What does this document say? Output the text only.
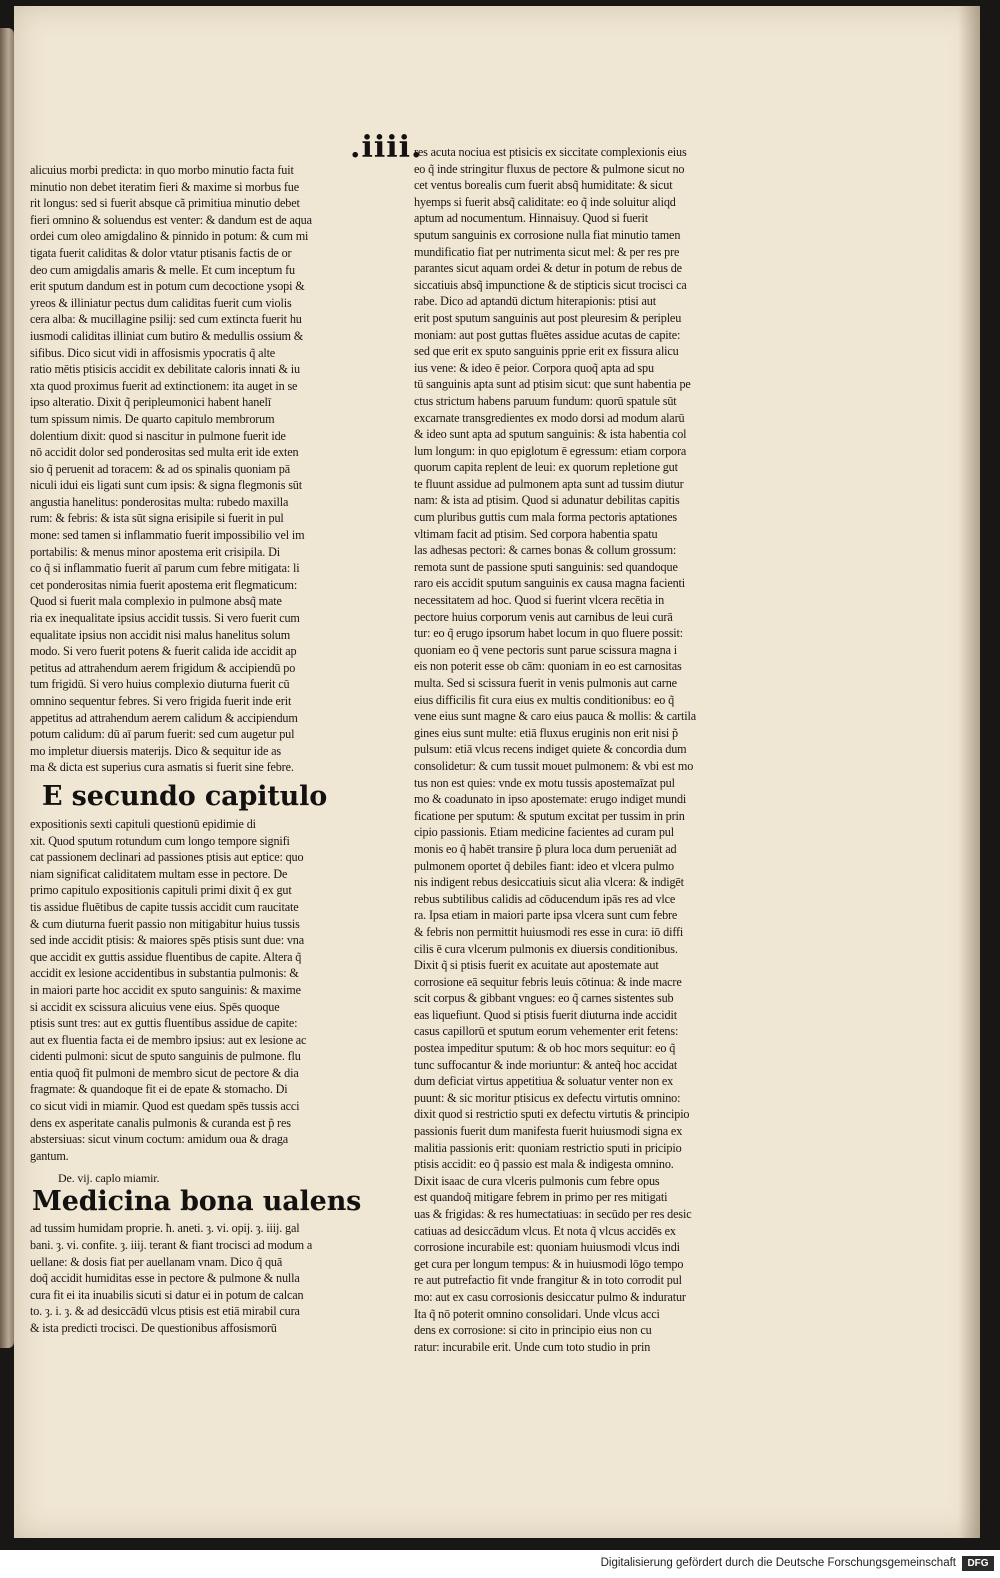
.iiii.
alicuius morbi predicta: in quo morbo minutio facta fuit
minutio non debet iteratim fieri & maxime si morbus fue
rit longus: sed si fuerit absque cã primitiua minutio debet
fieri omnino & soluendus est venter: & dandum est de aqua
ordei cum oleo amigdalino & pinnido in potum: & cum mi
tigata fuerit caliditas & dolor vtatur ptisanis factis de or
deo cum amigdalis amaris & melle. Et cum inceptum fu
erit sputum dandum est in potum cum decoctione ysopi &
yreos & illiniatur pectus dum caliditas fuerit cum violis
cera alba: & mucillagine psilij: sed cum extincta fuerit hu
iusmodi caliditas illiniat cum butiro & medullis ossium &
sifibus. Dico sicut vidi in affosismis ypocratis q̃ alte
ratio mētis ptisicis accidit ex debilitate caloris innati & iu
xta quod proximus fuerit ad extinctionem: ita auget in se
ipso alteratio. Dixit q̃ peripleumonici habent hanelī
tum spissum nimis. De quarto capitulo membrorum
dolentium dixit: quod si nascitur in pulmone fuerit ide
nō accidit dolor sed ponderositas sed multa erit ide exten
sio q̃ peruenit ad toracem: & ad os spinalis quoniam pā
niculi idui eis ligati sunt cum ipsis: & signa flegmonis sūt
angustia hanelitus: ponderositas multa: rubedo maxilla
rum: & febris: & ista sūt signa erisipile si fuerit in pul
mone: sed tamen si inflammatio fuerit impossibilio vel im
portabilis: & menus minor apostema erit crisipila. Di
co q̃ si inflammatio fuerit aī parum cum febre mitigata: li
cet ponderositas nimia fuerit apostema erit flegmaticum:
Quod si fuerit mala complexio in pulmone absq̃ mate
ria ex inequalitate ipsius accidit tussis. Si vero fuerit cum
equalitate ipsius non accidit nisi malus hanelitus solum
modo. Si vero fuerit potens & fuerit calida ide accidit ap
petitus ad attrahendum aerem frigidum & accipiendū po
tum frigidū. Si vero huius complexio diuturna fuerit cū
omnino sequentur febres. Si vero frigida fuerit inde erit
appetitus ad attrahendum aerem calidum & accipiendum
potum calidum: dū aī parum fuerit: sed cum augetur pul
mo impletur diuersis materijs. Dico & sequitur ide as
ma & dicta est superius cura asmatis si fuerit sine febre.
E secundo capitulo
expositionis sexti capituli questionū epidimie di
xit. Quod sputum rotundum cum longo tempore signifi
cat passionem declinari ad passiones ptisis aut eptice: quo
niam significat caliditatem multam esse in pectore. De
primo capitulo expositionis capituli primi dixit q̃ ex gut
tis assidue fluētibus de capite tussis accidit cum raucitate
& cum diuturna fuerit passio non mitigabitur huius tussis
sed inde accidit ptisis: & maiores spēs ptisis sunt due: vna
que accidit ex guttis assidue fluentibus de capite. Altera q̃
accidit ex lesione accidentibus in substantia pulmonis: &
in maiori parte hoc accidit ex sputo sanguinis: & maxime
si accidit ex scissura alicuius vene eius. Spēs quoque
ptisis sunt tres: aut ex guttis fluentibus assidue de capite:
aut ex fluentia facta ei de membro ipsius: aut ex lesione ac
cidenti pulmoni: sicut de sputo sanguinis de pulmone. flu
entia quoq̃ fit pulmoni de membro sicut de pectore & dia
fragmate: & quandoque fit ei de epate & stomacho. Di
co sicut vidi in miamir. Quod est quedam spēs tussis acci
dens ex asperitate canalis pulmonis & curanda est p̃ res
abstersiuas: sicut vinum coctum: amidum oua & draga
gantum.
De. vij. caplo miamir.
Medicina bona ualens
ad tussim humidam proprie. ħ. aneti. ȝ. vi. opij. ȝ. iiij. gal
bani. ȝ. vi. confite. ȝ. iiij. terant & fiant trocisci ad modum a
uellane: & dosis fiat per auellanam vnam. Dico q̃ quā
doq̃ accidit humiditas esse in pectore & pulmone & nulla
cura fit ei ita inuabilis sicuti si datur ei in potum de calcan
to. ȝ. i. ȝ. & ad desiccādū vlcus ptisis est etiā mirabil cura
& ista predicti trocisci. De questionibus affosismorū
res acuta nociua est ptisicis ex siccitate complexionis eius
eo q̃ inde stringitur fluxus de pectore & pulmone sicut no
cet ventus borealis cum fuerit absq̃ humiditate: & sicut
hyemps si fuerit absq̃ caliditate: eo q̃ inde soluitur aliqd
aptum ad nocumentum. Hinnaisuy. Quod si fuerit
sputum sanguinis ex corrosione nulla fiat minutio tamen
mundificatio fiat per nutrimenta sicut mel: & per res pre
parantes sicut aquam ordei & detur in potum de rebus de
siccatiuis absq̃ impunctione & de stipticis sicut trocisci ca
rabe. Dico ad aptandū dictum hiterapionis: ptisi aut
erit post sputum sanguinis aut post pleuresim & peripleu
moniam: aut post guttas fluētes assidue acutas de capite:
sed que erit ex sputo sanguinis pprie erit ex fissura alicu
ius vene: & ideo ē peior. Corpora quoq̃ apta ad spu
tū sanguinis apta sunt ad ptisim sicut: que sunt habentia pe
ctus strictum habens paruum fundum: quorū spatule sūt
excarnate transgredientes ex modo dorsi ad modum alarū
& ideo sunt apta ad sputum sanguinis: & ista habentia col
lum longum: in quo epiglotum ē egressum: etiam corpora
quorum capita replent de leui: ex quorum repletione gut
te fluunt assidue ad pulmonem apta sunt ad tussim diutur
nam: & ista ad ptisim. Quod si adunatur debilitas capitis
cum pluribus guttis cum mala forma pectoris aptationes
vltimam facit ad ptisim. Sed corpora habentia spatu
las adhesas pectori: & carnes bonas & collum grossum:
remota sunt de passione sputi sanguinis: sed quandoque
raro eis accidit sputum sanguinis ex causa magna facienti
necessitatem ad hoc. Quod si fuerint vlcera recētia in
pectore huius corporum venis aut carnibus de leui curā
tur: eo q̃ erugo ipsorum habet locum in quo fluere possit:
quoniam eo q̃ vene pectoris sunt parue scissura magna i
eis non poterit esse ob cām: quoniam in eo est carnositas
multa. Sed si scissura fuerit in venis pulmonis aut carne
eius difficilis fit cura eius ex multis conditionibus: eo q̃
vene eius sunt magne & caro eius pauca & mollis: & cartila
gines eius sunt multe: etiā fluxus eruginis non erit nisi p̃
pulsum: etiā vlcus recens indiget quiete & concordia dum
consolidetur: & cum tussit mouet pulmonem: & vbi est mo
tus non est quies: vnde ex motu tussis apostemaīzat pul
mo & coadunato in ipso apostemate: erugo indiget mundi
ficatione per sputum: & sputum excitat per tussim in prin
cipio passionis. Etiam medicine facientes ad curam pul
monis eo q̃ habēt transire p̃ plura loca dum perueniāt ad
pulmonem oportet q̃ debiles fiant: ideo et vlcera pulmo
nis indigent rebus desiccatiuis sicut alia vlcera: & indigēt
rebus subtilibus calidis ad cōducendum ipās res ad vlce
ra. Ipsa etiam in maiori parte ipsa vlcera sunt cum febre
& febris non permittit huiusmodi res esse in cura: iō diffi
cilis ē cura vlcerum pulmonis ex diuersis conditionibus.
Dixit q̃ si ptisis fuerit ex acuitate aut apostemate aut
corrosione eā sequitur febris leuis cōtinua: & inde macre
scit corpus & gibbant vngues: eo q̃ carnes sistentes sub
eas liquefiunt. Quod si ptisis fuerit diuturna inde accidit
casus capillorū et sputum eorum vehementer erit fetens:
postea impeditur sputum: & ob hoc mors sequitur: eo q̃
tunc suffocantur & inde moriuntur: & anteq̃ hoc accidat
dum deficiat virtus appetitiua & soluatur venter non ex
puunt: & sic moritur ptisicus ex defectu virtutis omnino:
dixit quod si restrictio sputi ex defectu virtutis & principio
passionis fuerit dum manifesta fuerit huiusmodi signa ex
malitia passionis erit: quoniam restrictio sputi in pricipio
ptisis accidit: eo q̃ passio est mala & indigesta omnino.
Dixit isaac de cura vlceris pulmonis cum febre opus
est quandoq̃ mitigare febrem in primo per res mitigati
uas & frigidas: & res humectatiuas: in secūdo per res desic
catiuas ad desiccādum vlcus. Et nota q̃ vlcus accidēs ex
corrosione incurabile est: quoniam huiusmodi vlcus indi
get cura per longum tempus: & in huiusmodi lōgo tempo
re aut putrefactio fit vnde frangitur & in toto corrodit pul
mo: aut ex casu corrosionis desiccatur pulmo & induratur
Ita q̃ nō poterit omnino consolidari. Unde vlcus acci
dens ex corrosione: si cito in principio eius non cu
ratur: incurabile erit. Unde cum toto studio in prin
Digitalisierung gefördert durch die Deutsche Forschungsgemeinschaft	DFG
